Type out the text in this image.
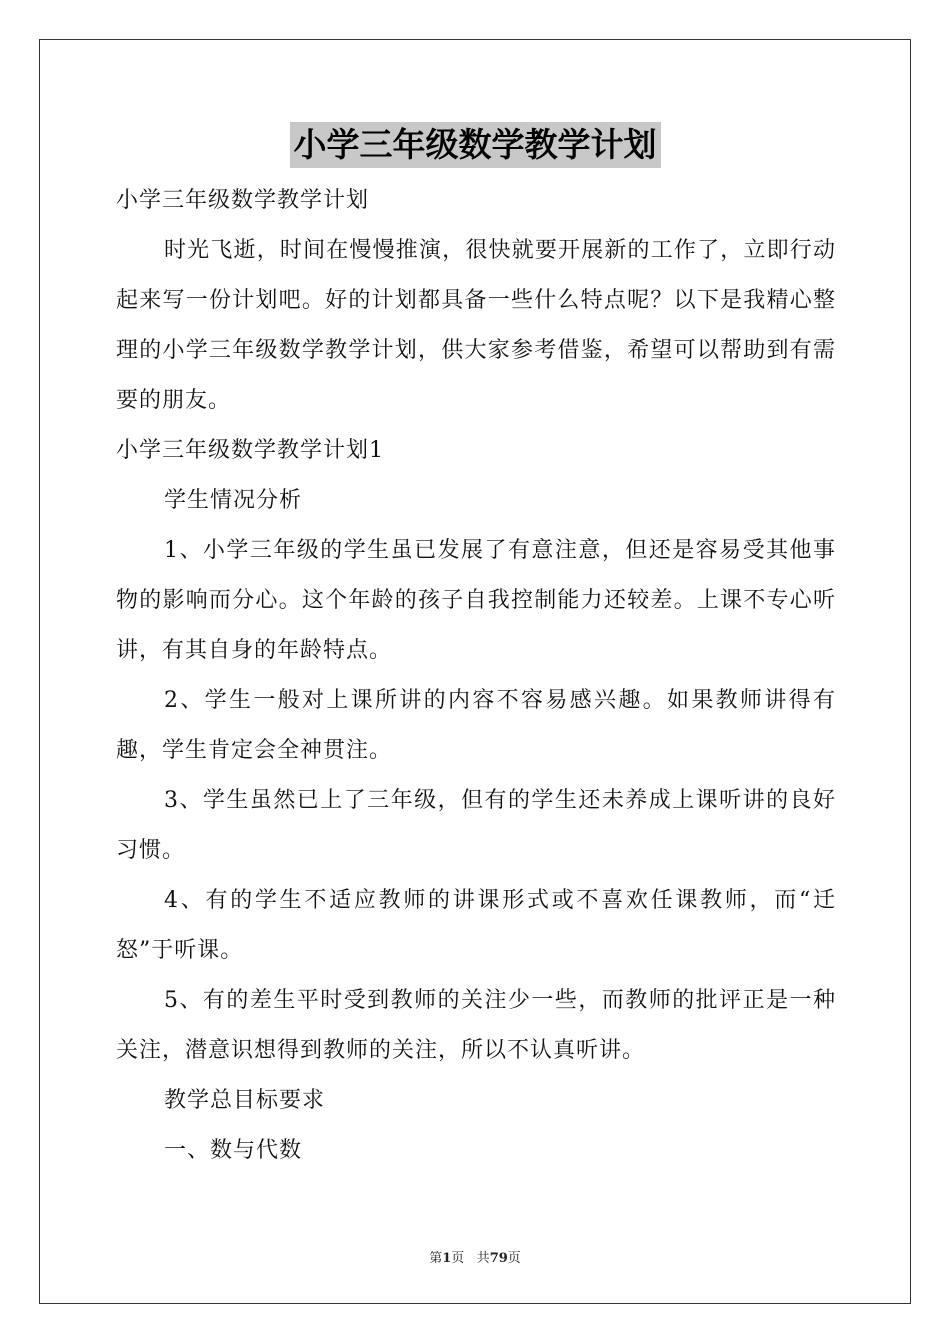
小学三年级数学教学计划

小学三年级数学教学计划

时光飞逝，时间在慢慢推演，很快就要开展新的工作了，立即行动起来写一份计划吧。好的计划都具备一些什么特点呢？以下是我精心整理的小学三年级数学教学计划，供大家参考借鉴，希望可以帮助到有需要的朋友。

小学三年级数学教学计划1

学生情况分析

1、小学三年级的学生虽已发展了有意注意，但还是容易受其他事物的影响而分心。这个年龄的孩子自我控制能力还较差。上课不专心听讲，有其自身的年龄特点。

2、学生一般对上课所讲的内容不容易感兴趣。如果教师讲得有趣，学生肯定会全神贯注。

3、学生虽然已上了三年级，但有的学生还未养成上课听讲的良好习惯。

4、有的学生不适应教师的讲课形式或不喜欢任课教师，而“迁怒”于听课。

5、有的差生平时受到教师的关注少一些，而教师的批评正是一种关注，潜意识想得到教师的关注，所以不认真听讲。

教学总目标要求

一、数与代数

第1页 共79页
